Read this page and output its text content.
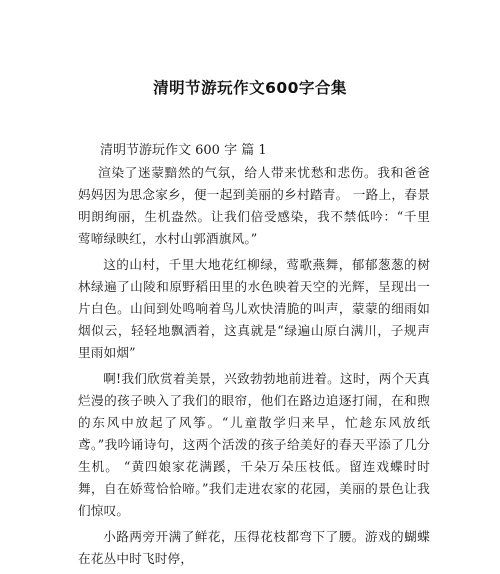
清明节游玩作文600字合集
清明节游玩作文 600 字 篇 1

渲染了迷蒙黯然的气氛，给人带来忧愁和悲伤。我和爸爸妈妈因为思念家乡，便一起到美丽的乡村踏青。 一路上，春景明朗绚丽，生机盎然。让我们倍受感染，我不禁低吟：“千里莺啼绿映红，水村山郭酒旗风。”

这的山村，千里大地花红柳绿，莺歌燕舞，郁郁葱葱的树林绿遍了山陵和原野稻田里的水色映着天空的光辉，呈现出一片白色。山间到处鸣响着鸟儿欢快清脆的叫声，蒙蒙的细雨如烟似云，轻轻地飘洒着，这真就是“绿遍山原白满川，子规声里雨如烟”

啊!我们欣赏着美景，兴致勃勃地前进着。这时，两个天真烂漫的孩子映入了我们的眼帘，他们在路边追逐打闹，在和煦的东风中放起了风筝。“儿童散学归来早，忙趁东风放纸鸢。”我吟诵诗句，这两个活泼的孩子给美好的春天平添了几分生机。 “黄四娘家花满蹊，千朵万朵压枝低。留连戏蝶时时舞，自在娇莺恰恰啼。”我们走进农家的花园，美丽的景色让我们惊叹。

小路两旁开满了鲜花，压得花枝都弯下了腰。游戏的蝴蝶在花丛中时飞时停，
